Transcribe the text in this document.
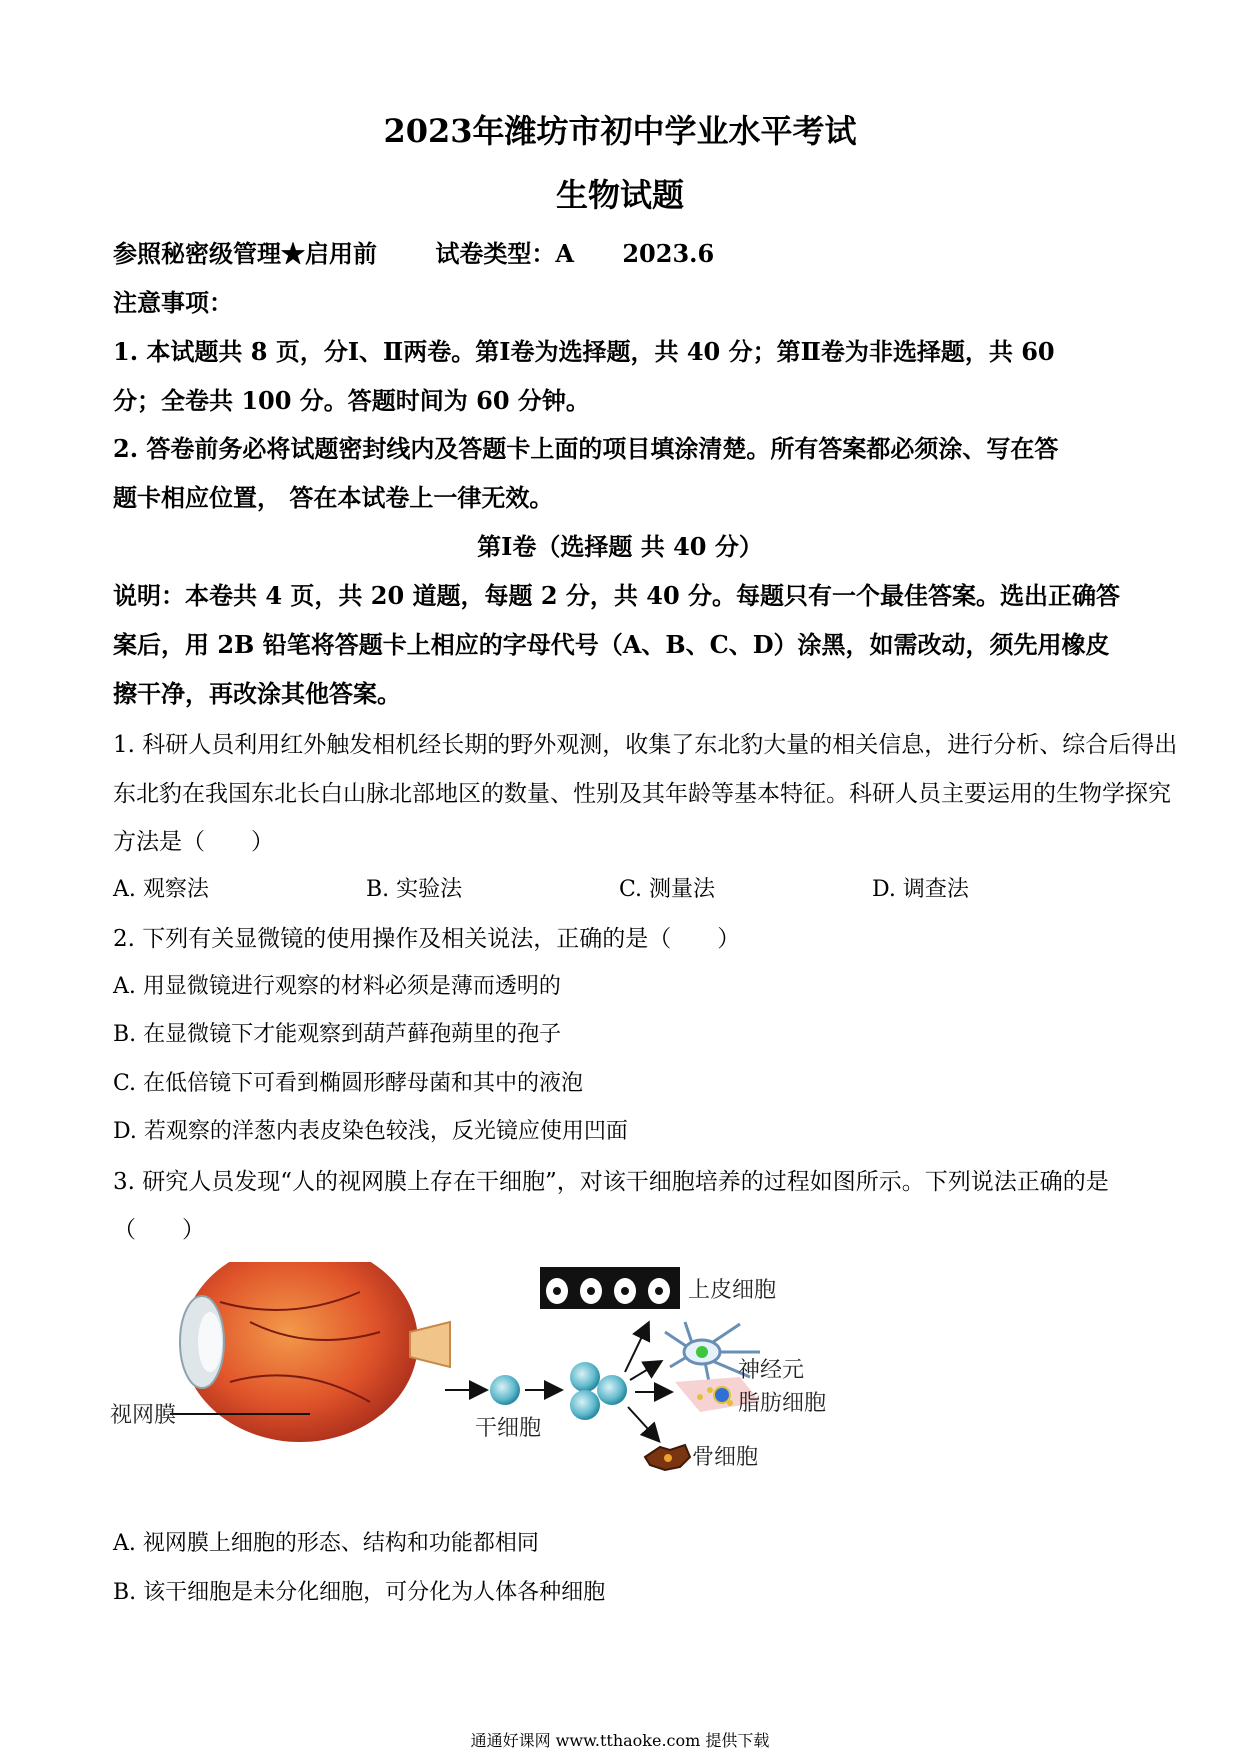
2023年潍坊市初中学业水平考试
生物试题
参照秘密级管理★启用前 试卷类型：A 2023.6
注意事项：
1. 本试题共 8 页，分Ⅰ、Ⅱ两卷。第Ⅰ卷为选择题，共 40 分；第Ⅱ卷为非选择题，共 60
分；全卷共 100 分。答题时间为 60 分钟。
2. 答卷前务必将试题密封线内及答题卡上面的项目填涂清楚。所有答案都必须涂、写在答
题卡相应位置， 答在本试卷上一律无效。
第Ⅰ卷（选择题 共 40 分）
说明：本卷共 4 页，共 20 道题，每题 2 分，共 40 分。每题只有一个最佳答案。选出正确答
案后，用 2B 铅笔将答题卡上相应的字母代号（A、B、C、D）涂黑，如需改动，须先用橡皮
擦干净，再改涂其他答案。
1. 科研人员利用红外触发相机经长期的野外观测，收集了东北豹大量的相关信息，进行分析、综合后得出
东北豹在我国东北长白山脉北部地区的数量、性别及其年龄等基本特征。科研人员主要运用的生物学探究
方法是（　　）
A. 观察法	B. 实验法	C. 测量法	D. 调查法
2. 下列有关显微镜的使用操作及相关说法，正确的是（　　）
A. 用显微镜进行观察的材料必须是薄而透明的
B. 在显微镜下才能观察到葫芦藓孢蒴里的孢子
C. 在低倍镜下可看到椭圆形酵母菌和其中的液泡
D. 若观察的洋葱内表皮染色较浅，反光镜应使用凹面
3. 研究人员发现“人的视网膜上存在干细胞”，对该干细胞培养的过程如图所示。下列说法正确的是
（　　）
视网膜
干细胞
上皮细胞
神经元
脂肪细胞
骨细胞
A. 视网膜上细胞的形态、结构和功能都相同
B. 该干细胞是未分化细胞，可分化为人体各种细胞
通通好课网 www.tthaoke.com 提供下载
